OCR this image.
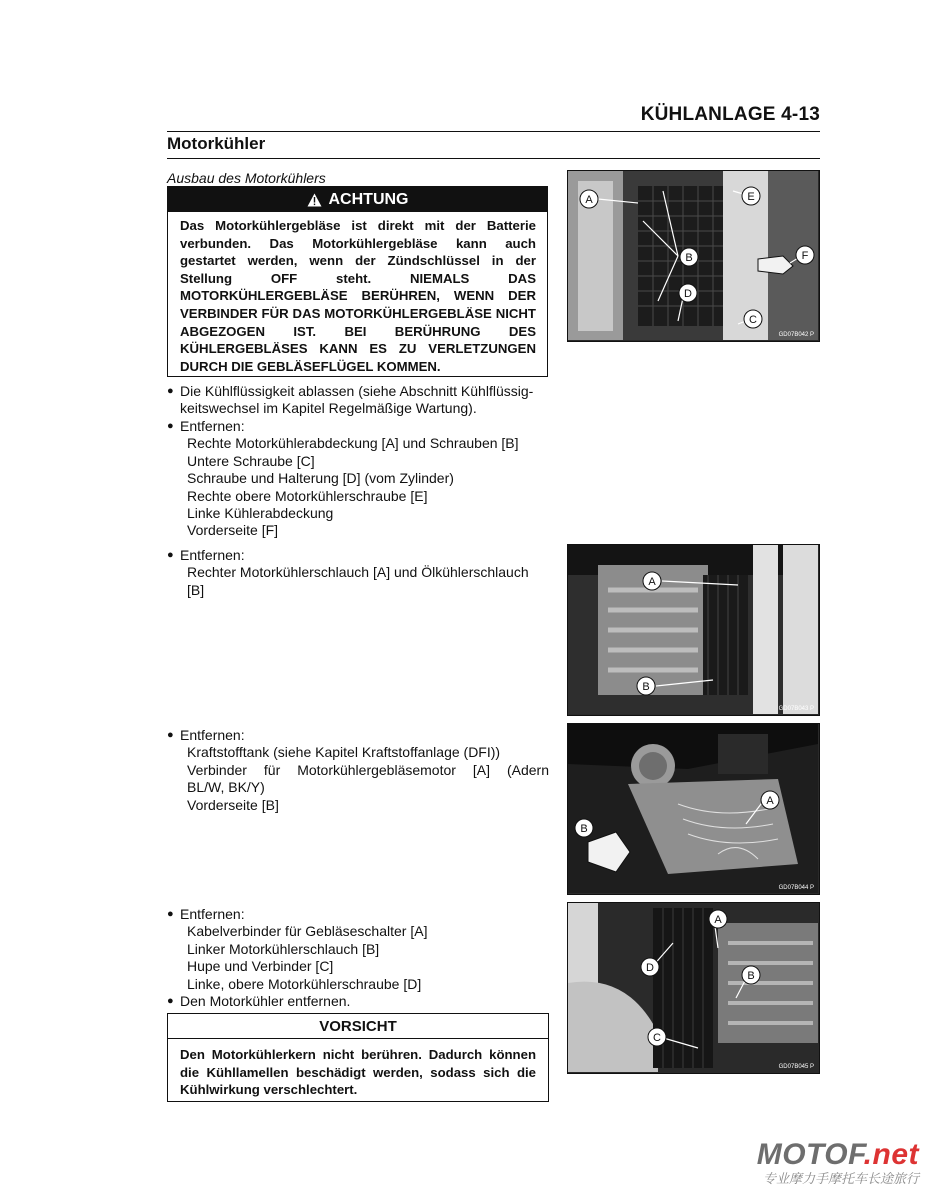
KÜHLANLAGE 4-13
Motorkühler
Ausbau des Motorkühlers
ACHTUNG
Das Motorkühlergebläse ist direkt mit der Batterie verbunden. Das Motorkühlergebläse kann auch gestartet werden, wenn der Zündschlüssel in der Stellung OFF steht. NIEMALS DAS MOTORKÜHLERGEBLÄSE BERÜHREN, WENN DER VERBINDER FÜR DAS MOTORKÜHLERGEBLÄSE NICHT ABGEZOGEN IST. BEI BERÜHRUNG DES KÜHLERGEBLÄSES KANN ES ZU VERLETZUNGEN DURCH DIE GEBLÄSEFLÜGEL KOMMEN.
● Die Kühlflüssigkeit ablassen (siehe Abschnitt Kühlflüssig-
keitswechsel im Kapitel Regelmäßige Wartung).
● Entfernen:
Rechte Motorkühlerabdeckung [A] und Schrauben [B]
Untere Schraube [C]
Schraube und Halterung [D] (vom Zylinder)
Rechte obere Motorkühlerschraube [E]
Linke Kühlerabdeckung
Vorderseite [F]
● Entfernen:
Rechter Motorkühlerschlauch [A] und Ölkühlerschlauch
[B]
● Entfernen:
Kraftstofftank (siehe Kapitel Kraftstoffanlage (DFI))
Verbinder für Motorkühlergebläsemotor [A] (Adern
BL/W, BK/Y)
Vorderseite [B]
● Entfernen:
Kabelverbinder für Gebläseschalter [A]
Linker Motorkühlerschlauch [B]
Hupe und Verbinder [C]
Linke, obere Motorkühlerschraube [D]
● Den Motorkühler entfernen.
VORSICHT
Den Motorkühlerkern nicht berühren. Dadurch können die Kühllamellen beschädigt werden, sodass sich die Kühlwirkung verschlechtert.
A	E
B	F
D
C
GD07B042 P
A
B
GD07B043 P
A
B
GD07B044 P
A
D
B
C
GD07B045 P
MOTOF.net
专业摩力手摩托车长途旅行
